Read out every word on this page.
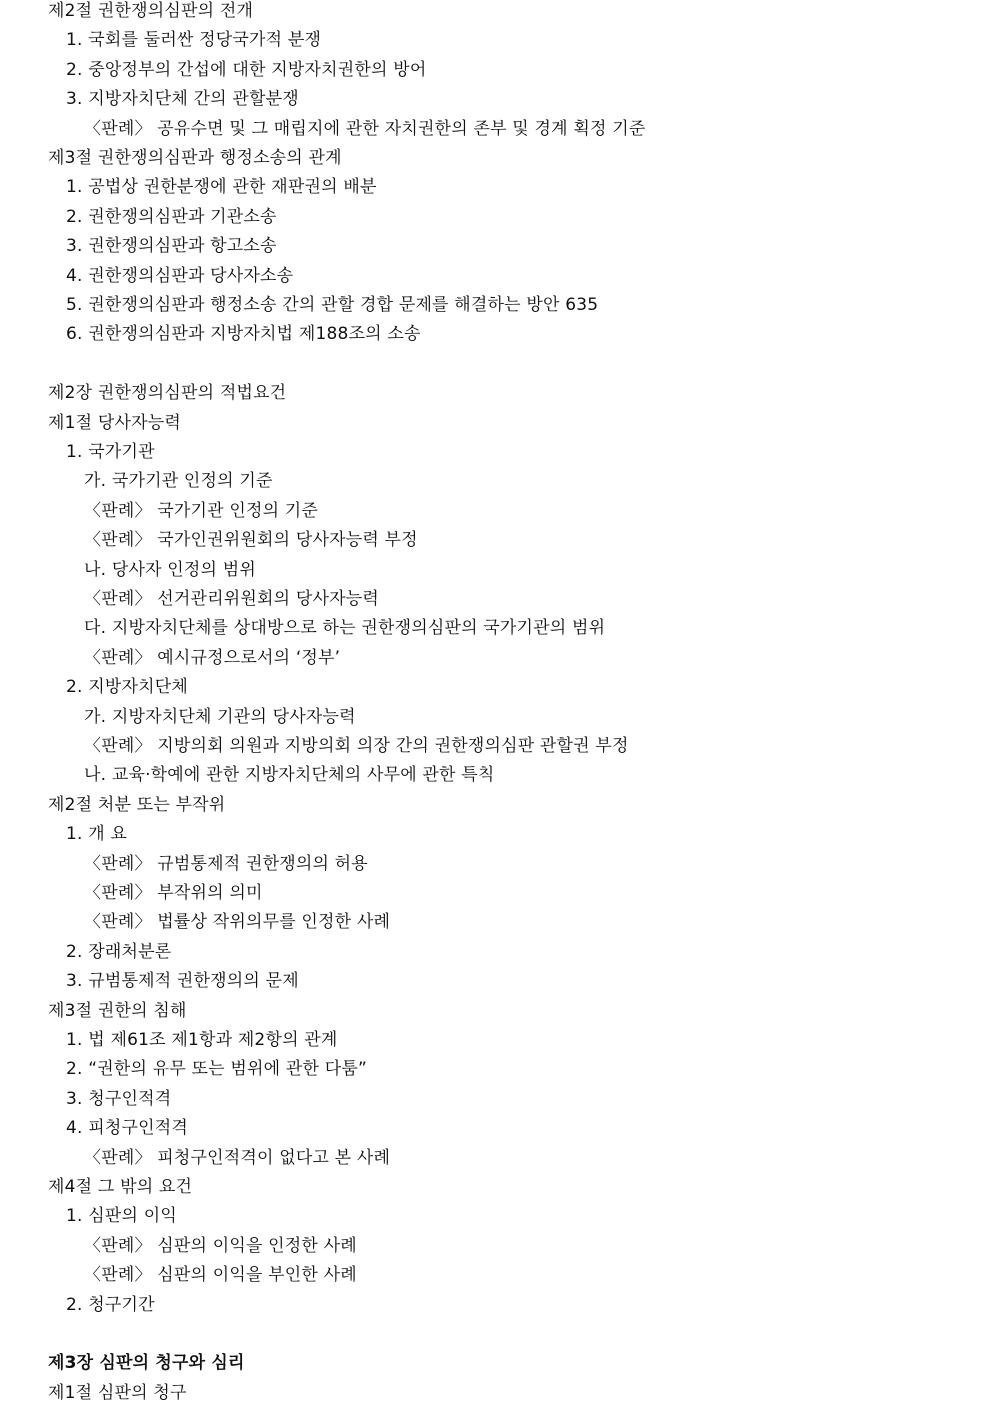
제2절 권한쟁의심판의 전개
1. 국회를 둘러싼 정당국가적 분쟁
2. 중앙정부의 간섭에 대한 지방자치권한의 방어
3. 지방자치단체 간의 관할분쟁
〈판례〉 공유수면 및 그 매립지에 관한 자치권한의 존부 및 경계 획정 기준
제3절 권한쟁의심판과 행정소송의 관계
1. 공법상 권한분쟁에 관한 재판권의 배분
2. 권한쟁의심판과 기관소송
3. 권한쟁의심판과 항고소송
4. 권한쟁의심판과 당사자소송
5. 권한쟁의심판과 행정소송 간의 관할 경합 문제를 해결하는 방안 635
6. 권한쟁의심판과 지방자치법 제188조의 소송
제2장 권한쟁의심판의 적법요건
제1절 당사자능력
1. 국가기관
가. 국가기관 인정의 기준
〈판례〉 국가기관 인정의 기준
〈판례〉 국가인권위원회의 당사자능력 부정
나. 당사자 인정의 범위
〈판례〉 선거관리위원회의 당사자능력
다. 지방자치단체를 상대방으로 하는 권한쟁의심판의 국가기관의 범위
〈판례〉 예시규정으로서의 ‘정부’
2. 지방자치단체
가. 지방자치단체 기관의 당사자능력
〈판례〉 지방의회 의원과 지방의회 의장 간의 권한쟁의심판 관할권 부정
나. 교육·학예에 관한 지방자치단체의 사무에 관한 특칙
제2절 처분 또는 부작위
1. 개 요
〈판례〉 규범통제적 권한쟁의의 허용
〈판례〉 부작위의 의미
〈판례〉 법률상 작위의무를 인정한 사례
2. 장래처분론
3. 규범통제적 권한쟁의의 문제
제3절 권한의 침해
1. 법 제61조 제1항과 제2항의 관계
2. “권한의 유무 또는 범위에 관한 다툼”
3. 청구인적격
4. 피청구인적격
〈판례〉 피청구인적격이 없다고 본 사례
제4절 그 밖의 요건
1. 심판의 이익
〈판례〉 심판의 이익을 인정한 사례
〈판례〉 심판의 이익을 부인한 사례
2. 청구기간
제3장 심판의 청구와 심리
제1절 심판의 청구
